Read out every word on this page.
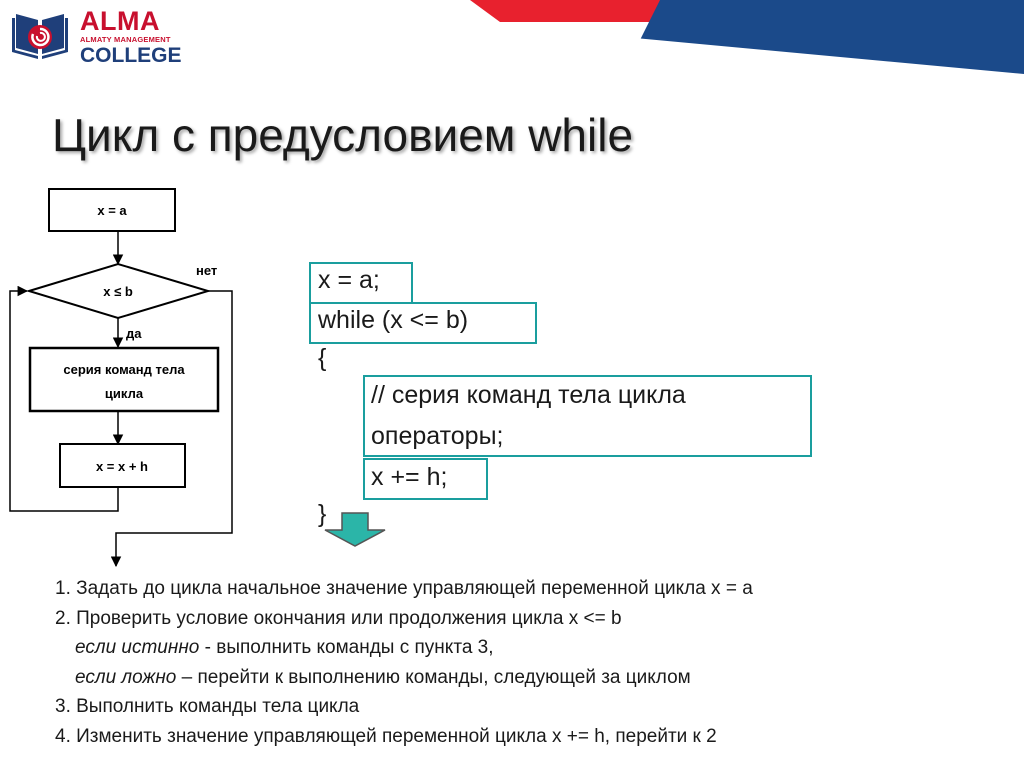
ALMA
ALMATY MANAGEMENT
COLLEGE
Цикл с предусловием while
x = a
x ≤ b
нет
да
серия команд тела
цикла
x = x + h
x = a;
while (x <= b)
{
// серия команд тела цикла
операторы;
x += h;
}
1. Задать до цикла начальное значение управляющей переменной цикла x = a
2. Проверить условие окончания или продолжения цикла x <= b
если истинно - выполнить команды с пункта 3,
если ложно – перейти к выполнению команды, следующей за циклом
3. Выполнить команды тела цикла
4. Изменить значение управляющей переменной цикла x += h, перейти к 2
